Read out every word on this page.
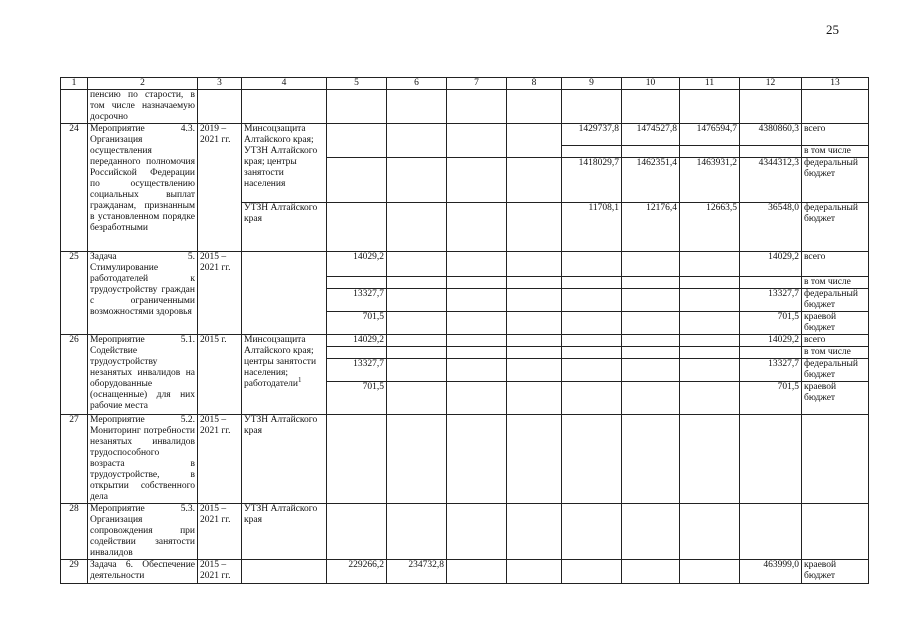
25
1	2	3	4	5	6	7	8	9	10	11	12	13
	пенсию по старости, в том числе назначаемую досрочно											
24	Мероприятие 4.3. Организация осуществления переданного полномочия Российской Федерации по осуществлению социальных выплат гражданам, признанным в установленном порядке безработными	2019 – 2021 гг.	Минсоцзащита Алтайского края; УТЗН Алтайского края; центры занятости населения					1429737,8	1474527,8	1476594,7	4380860,3	всего
												в том числе
								1418029,7	1462351,4	1463931,2	4344312,3	федеральный бюджет
			УТЗН Алтайского края					11708,1	12176,4	12663,5	36548,0	федеральный бюджет
25	Задача 5. Стимулирование работодателей к трудоустройству граждан с ограниченными возможностями здоровья	2015 – 2021 гг.		14029,2							14029,2	всего
												в том числе
				13327,7							13327,7	федеральный бюджет
				701,5							701,5	краевой бюджет
26	Мероприятие 5.1. Содействие трудоустройству незанятых инвалидов на оборудованные (оснащенные) для них рабочие места	2015 г.	Минсоцзащита Алтайского края; центры занятости населения; работодатели$^1$	14029,2							14029,2	всего
												в том числе
				13327,7							13327,7	федеральный бюджет
				701,5							701,5	краевой бюджет
27	Мероприятие 5.2. Мониторинг потребности незанятых инвалидов трудоспособного возраста в трудоустройстве, в открытии собственного дела	2015 – 2021 гг.	УТЗН Алтайского края									
28	Мероприятие 5.3. Организация сопровождения при содействии занятости инвалидов	2015 – 2021 гг.	УТЗН Алтайского края									
29	Задача 6. Обеспечение деятельности	2015 – 2021 гг.		229266,2	234732,8						463999,0	краевой бюджет
